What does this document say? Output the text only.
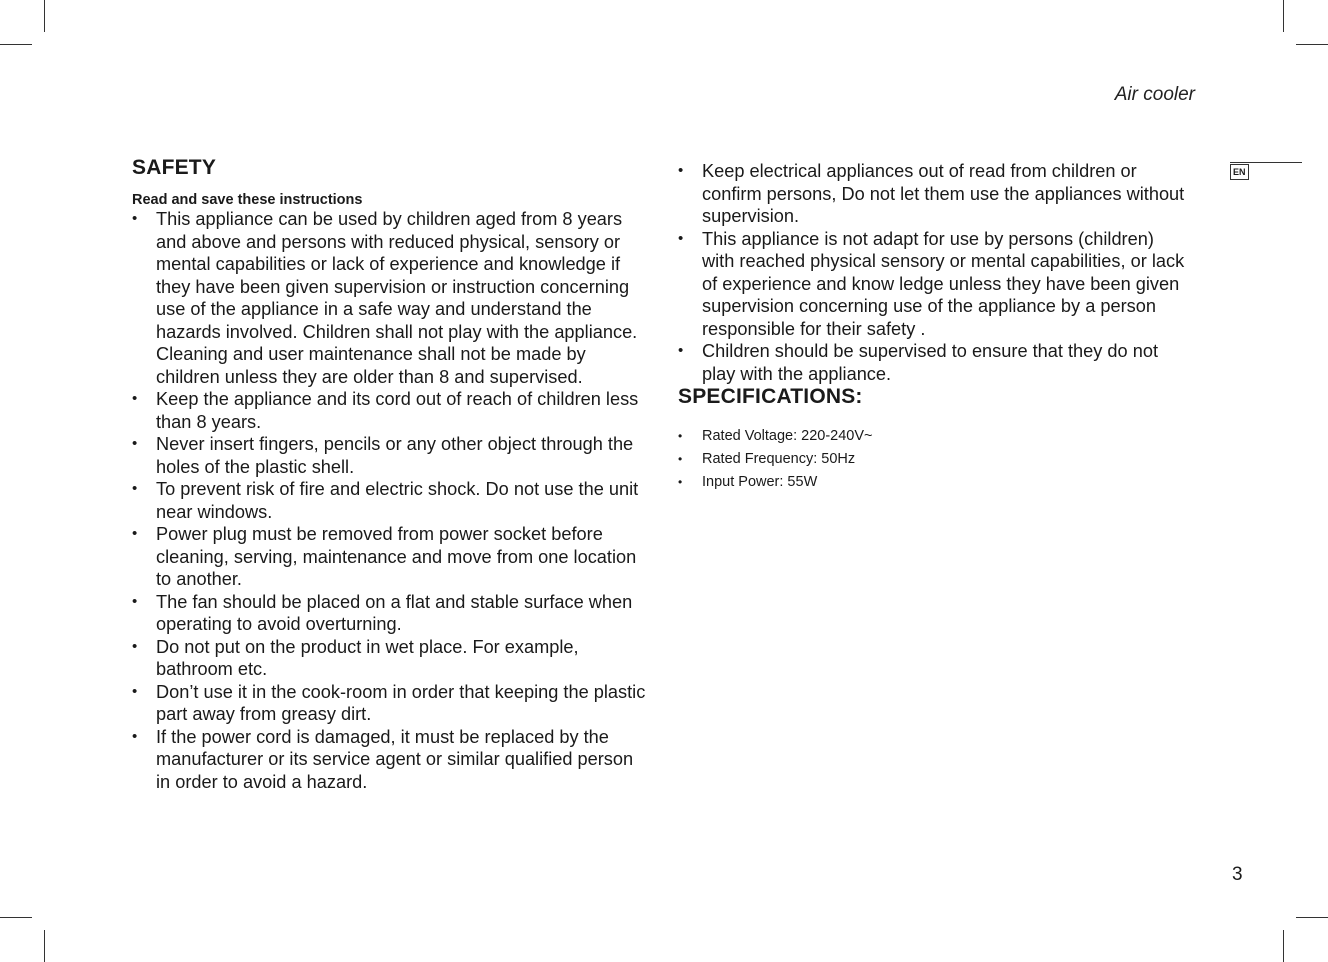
Air cooler
EN
SAFETY
Read and save these instructions
• This appliance can be used by children aged from 8 years and above and persons with reduced physical, sensory or mental capabilities or lack of experience and knowledge if they have been given supervision or instruction concerning use of the appliance in a safe way and understand the hazards involved. Children shall not play with the appliance. Cleaning and user maintenance shall not be made by children unless they are older than 8 and supervised.
• Keep the appliance and its cord out of reach of children less than 8 years.
• Never insert fingers, pencils or any other object through the holes of the plastic shell.
• To prevent risk of fire and electric shock. Do not use the unit near windows.
• Power plug must be removed from power socket before cleaning, serving, maintenance and move from one location to another.
• The fan should be placed on a flat and stable surface when operating to avoid overturning.
• Do not put on the product in wet place. For example, bathroom etc.
• Don’t use it in the cook-room in order that keeping the plastic part away from greasy dirt.
• If the power cord is damaged, it must be replaced by the manufacturer or its service agent or similar qualified person in order to avoid a hazard.
• Keep electrical appliances out of read from children or confirm persons, Do not let them use the appliances without supervision.
• This appliance is not adapt for use by persons (children) with reached physical sensory or mental capabilities, or lack of experience and know ledge unless they have been given supervision concerning use of the appliance by a person responsible for their safety .
• Children should be supervised to ensure that they do not play with the appliance.
SPECIFICATIONS:
• Rated Voltage: 220-240V~
• Rated Frequency: 50Hz
• Input Power: 55W
3
